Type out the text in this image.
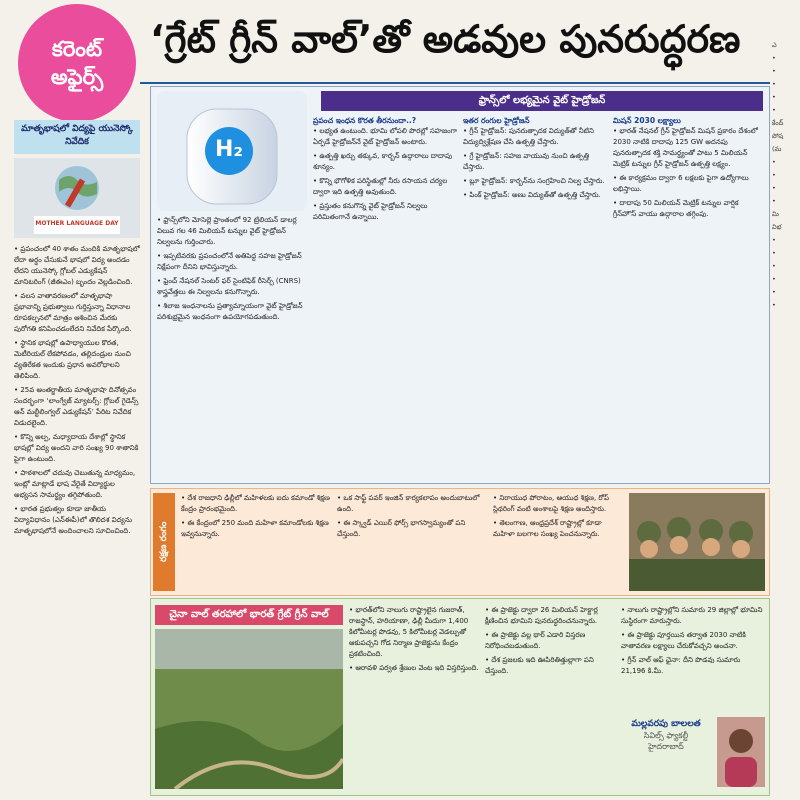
కరెంట్
అఫైర్స్
‘గ్రేట్ గ్రీన్ వాల్’తో అడవుల పునరుద్ధరణ
మాతృభాషలో విద్యపై యునెస్కో నివేదిక
MOTHER LANGUAGE DAY

• ప్రపంచంలో 40 శాతం మందికి మాతృభాషలో లేదా అర్థం చేసుకునే భాషలో విద్య అందడం లేదని యునెస్కో గ్లోబల్ ఎడ్యుకేషన్ మానిటరింగ్ (జీఈఎం) బృందం వెల్లడించింది.

• వలస వాతావరణంలో మాతృభాషా ప్రభావాన్ని ప్రభుత్వాలు గుర్తిస్తున్నా విధానాల రూపకల్పనలో మాత్రం ఆశించిన మేరకు పురోగతి కనిపించడంలేదని నివేదిక పేర్కొంది.

• స్థానిక భాషల్లో ఉపాధ్యాయుల కొరత, మెటీరియల్ లేకపోవడం, తల్లిదండ్రుల నుంచి వ్యతిరేకత ఇందుకు ప్రధాన అవరోధాలని తెలిపింది.

• 25వ అంతర్జాతీయ మాతృభాషా దినోత్సవం సందర్భంగా ‘లాంగ్వేజ్ మ్యాటర్స్: గ్లోబల్ గైడెన్స్ ఆన్ మల్టీలింగ్వల్ ఎడ్యుకేషన్’ పేరిట నివేదిక విడుదలైంది.

• కొన్ని అల్ప, మధ్యాదాయ దేశాల్లో స్థానిక భాషల్లో విద్య అందని వారి సంఖ్య 90 శాతానికి పైగా ఉంటుంది.

• పాఠశాలలో చదువు చెబుతున్న మాధ్యమం, ఇంట్లో మాట్లాడే భాష వేరైతే విద్యార్థుల అభ్యసన సామర్థ్యం తగ్గిపోతుంది.

• భారత ప్రభుత్వం కూడా జాతీయ విద్యావిధానం (ఎన్ఈపీ)లో తొలిదశ విద్యను మాతృభాషలోనే అందించాలని సూచించింది.

ఫ్రాన్స్‌లో లభ్యమైన వైట్ హైడ్రోజన్
H₂

• ఫ్రాన్స్‌లోని మోసెల్లె ప్రాంతంలో 92 ట్రిలియన్ డాలర్ల విలువ గల 46 మిలియన్ టన్నుల వైట్ హైడ్రోజన్ నిల్వలను గుర్తించారు.

• ఇప్పటివరకు ప్రపంచంలోనే అతిపెద్ద సహజ హైడ్రోజన్ నిక్షేపంగా దీనిని భావిస్తున్నారు.

• ఫ్రెంచ్ నేషనల్ సెంటర్ ఫర్ సైంటిఫిక్ రీసెర్చ్ (CNRS) శాస్త్రవేత్తలు ఈ నిల్వలను కనుగొన్నారు.

• శిలాజ ఇంధనాలను ప్రత్యామ్నాయంగా వైట్ హైడ్రోజన్ పరిశుభ్రమైన ఇంధనంగా ఉపయోగపడుతుంది.

ప్రపంచ ఇంధన కొరత తీరనుందా..?

• లభ్యత ఉంటుంది. భూమి లోపలి పొరల్లో సహజంగా ఏర్పడే హైడ్రోజన్‌నే వైట్ హైడ్రోజన్ అంటారు.

• ఉత్పత్తి ఖర్చు తక్కువ, కార్బన్ ఉద్గారాలు దాదాపు శూన్యం.

• కొన్ని భౌగోళిక పరిస్థితుల్లో నీరు రసాయన చర్యల ద్వారా ఇది ఉత్పత్తి అవుతుంది.

• ప్రస్తుతం కనుగొన్న వైట్ హైడ్రోజన్ నిల్వలు పరిమితంగానే ఉన్నాయి.

ఇతర రంగుల హైడ్రోజన్

• గ్రీన్ హైడ్రోజన్: పునరుత్పాదక విద్యుత్‌తో నీటిని విద్యుద్విశ్లేషణ చేసి ఉత్పత్తి చేస్తారు.

• గ్రే హైడ్రోజన్: సహజ వాయువు నుంచి ఉత్పత్తి చేస్తారు.

• బ్లూ హైడ్రోజన్: కార్బన్‌ను సంగ్రహించి నిల్వ చేస్తారు.

• పింక్ హైడ్రోజన్: అణు విద్యుత్‌తో ఉత్పత్తి చేస్తారు.

మిషన్ 2030 లక్ష్యాలు

• భారత్ నేషనల్ గ్రీన్ హైడ్రోజన్ మిషన్ ప్రకారం దేశంలో 2030 నాటికి దాదాపు 125 GW అదనపు పునరుత్పాదక శక్తి సామర్థ్యంతో పాటు 5 మిలియన్ మెట్రిక్ టన్నుల గ్రీన్ హైడ్రోజన్ ఉత్పత్తి లక్ష్యం.

• ఈ కార్యక్రమం ద్వారా 6 లక్షలకు పైగా ఉద్యోగాలు లభిస్తాయి.

• దాదాపు 50 మిలియన్ మెట్రిక్ టన్నుల వార్షిక గ్రీన్‌హౌస్ వాయు ఉద్గారాల తగ్గింపు.

రక్షణ రంగం

• దేశ రాజధాని ఢిల్లీలో మహిళలకు ఐదు కమాండో శిక్షణ కేంద్రం ప్రారంభమైంది.

• ఈ కేంద్రంలో 250 మంది మహిళా కమాండోలకు శిక్షణ ఇవ్వనున్నారు.

• ఒక సాఫ్ట్ పవర్ ఇంజిన్ కార్యకలాపం అందుబాటులో ఉంది.

• ఈ స్క్వాడ్ ఎయిర్ ఫోర్స్‌ భాగస్వామ్యంతో పని చేస్తుంది.

• నిరాయుధ పోరాటం, ఆయుధ శిక్షణ, రోప్ స్లిథరింగ్ వంటి అంశాలపై శిక్షణ అందిస్తారు.

• తెలంగాణ, ఆంధ్రప్రదేశ్ రాష్ట్రాల్లో కూడా మహిళా బలగాల సంఖ్య పెంచనున్నారు.

చైనా వాల్ తరహాలో భారత్ గ్రేట్ గ్రీన్ వాల్	• భారత్‌లోని నాలుగు రాష్ట్రాలైన గుజరాత్, రాజస్థాన్, హరియాణా, ఢిల్లీ మీదుగా 1,400 కిలోమీటర్ల పొడవు, 5 కిలోమీటర్ల వెడల్పుతో ఆకుపచ్చని గోడ నిర్మాణ ప్రాజెక్టును కేంద్రం ప్రకటించింది.

• ఆరావళి పర్వత శ్రేణుల వెంట ఇది విస్తరిస్తుంది.

• ఈ ప్రాజెక్టు ద్వారా 26 మిలియన్ హెక్టార్ల క్షీణించిన భూమిని పునరుద్ధరించనున్నారు.

• ఈ ప్రాజెక్టు వల్ల థార్ ఎడారి విస్తరణ నిరోధించబడుతుంది.

• దేశ ప్రజలకు ఇది ఊపిరితిత్తుల్లాగా పని చేస్తుంది.

• నాలుగు రాష్ట్రాల్లోని సుమారు 29 జిల్లాల్లో భూమిని సుస్థిరంగా మారుస్తారు.

• ఈ ప్రాజెక్టు పూర్తయిన తర్వాత 2030 నాటికి వాతావరణ లక్ష్యాలు చేరుకోవచ్చని అంచనా.

• గ్రీన్ వాల్ ఆఫ్ ఛైనా: దీని పొడవు సుమారు 21,196 కి.మీ.

మల్లవరపు బాలలత
సివిల్స్ ఫ్యాకల్టీ
హైదరాబాద్
ఎ
•
•
•
•
•
కేంద్
పోష
(మ
•
•
•
•
మి
విభ
•
•
•
•
•
•
